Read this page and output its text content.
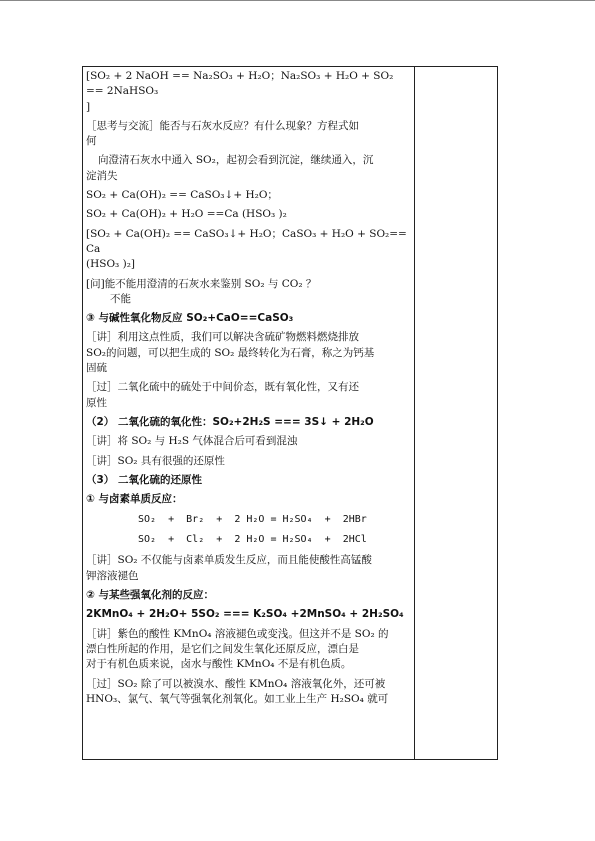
[SO₂ + 2 NaOH == Na₂SO₃ + H₂O；Na₂SO₃ + H₂O + SO₂ == 2NaHSO₃

]

［思考与交流］能否与石灰水反应？有什么现象？方程式如

何

向澄清石灰水中通入 SO₂，起初会看到沉淀，继续通入，沉

淀消失

SO₂ + Ca(OH)₂ == CaSO₃↓+ H₂O；

SO₂ + Ca(OH)₂ + H₂O ==Ca (HSO₃ )₂

[SO₂ + Ca(OH)₂ == CaSO₃↓+ H₂O；CaSO₃ + H₂O + SO₂== Ca

(HSO₃ )₂]

[问]能不能用澄清的石灰水来鉴别 SO₂ 与 CO₂ ？

不能

③ 与碱性氧化物反应 SO₂+CaO==CaSO₃

［讲］利用这点性质，我们可以解决含硫矿物燃料燃烧排放

SO₂的问题，可以把生成的 SO₂ 最终转化为石膏，称之为钙基

固硫

［过］二氧化硫中的硫处于中间价态，既有氧化性，又有还

原性

（2） 二氧化硫的氧化性：SO₂+2H₂S === 3S↓ + 2H₂O

［讲］将 SO₂ 与 H₂S 气体混合后可看到混浊

［讲］SO₂ 具有很强的还原性

（3） 二氧化硫的还原性

① 与卤素单质反应：

SO₂  +  Br₂  +  2 H₂O = H₂SO₄  +  2HBr

SO₂  +  Cl₂  +  2 H₂O = H₂SO₄  +  2HCl

［讲］SO₂ 不仅能与卤素单质发生反应，而且能使酸性高锰酸

钾溶液褪色

② 与某些强氧化剂的反应：

2KMnO₄ + 2H₂O+ 5SO₂ === K₂SO₄ +2MnSO₄ + 2H₂SO₄

［讲］紫色的酸性 KMnO₄ 溶液褪色或变浅。但这并不是 SO₂ 的

漂白性所起的作用，是它们之间发生氧化还原反应，漂白是

对于有机色质来说，卤水与酸性 KMnO₄ 不是有机色质。

［过］SO₂ 除了可以被溴水、酸性 KMnO₄ 溶液氧化外，还可被

HNO₃、氯气、氧气等强氧化剂氧化。如工业上生产 H₂SO₄ 就可
